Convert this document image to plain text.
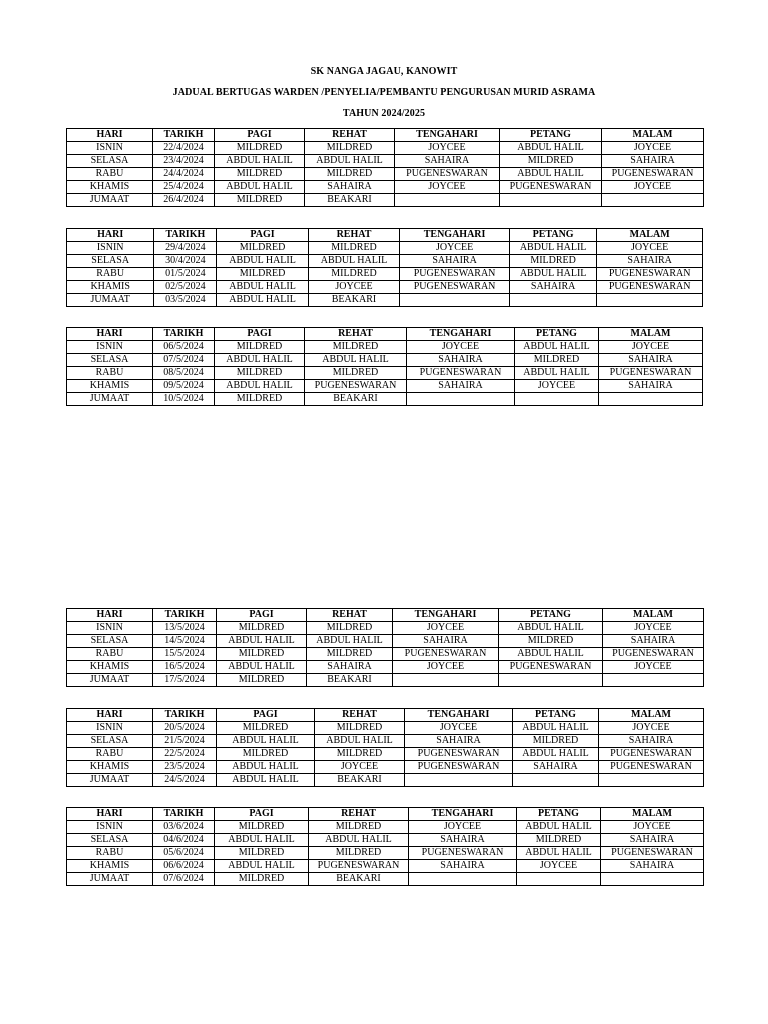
SK NANGA JAGAU, KANOWIT
JADUAL BERTUGAS WARDEN /PENYELIA/PEMBANTU PENGURUSAN MURID ASRAMA
TAHUN 2024/2025
HARI	TARIKH	PAGI	REHAT	TENGAHARI	PETANG	MALAM
ISNIN	22/4/2024	MILDRED	MILDRED	JOYCEE	ABDUL HALIL	JOYCEE
SELASA	23/4/2024	ABDUL HALIL	ABDUL HALIL	SAHAIRA	MILDRED	SAHAIRA
RABU	24/4/2024	MILDRED	MILDRED	PUGENESWARAN	ABDUL HALIL	PUGENESWARAN
KHAMIS	25/4/2024	ABDUL HALIL	SAHAIRA	JOYCEE	PUGENESWARAN	JOYCEE
JUMAAT	26/4/2024	MILDRED	BEAKARI			
HARI	TARIKH	PAGI	REHAT	TENGAHARI	PETANG	MALAM
ISNIN	29/4/2024	MILDRED	MILDRED	JOYCEE	ABDUL HALIL	JOYCEE
SELASA	30/4/2024	ABDUL HALIL	ABDUL HALIL	SAHAIRA	MILDRED	SAHAIRA
RABU	01/5/2024	MILDRED	MILDRED	PUGENESWARAN	ABDUL HALIL	PUGENESWARAN
KHAMIS	02/5/2024	ABDUL HALIL	JOYCEE	PUGENESWARAN	SAHAIRA	PUGENESWARAN
JUMAAT	03/5/2024	ABDUL HALIL	BEAKARI			
HARI	TARIKH	PAGI	REHAT	TENGAHARI	PETANG	MALAM
ISNIN	06/5/2024	MILDRED	MILDRED	JOYCEE	ABDUL HALIL	JOYCEE
SELASA	07/5/2024	ABDUL HALIL	ABDUL HALIL	SAHAIRA	MILDRED	SAHAIRA
RABU	08/5/2024	MILDRED	MILDRED	PUGENESWARAN	ABDUL HALIL	PUGENESWARAN
KHAMIS	09/5/2024	ABDUL HALIL	PUGENESWARAN	SAHAIRA	JOYCEE	SAHAIRA
JUMAAT	10/5/2024	MILDRED	BEAKARI			
HARI	TARIKH	PAGI	REHAT	TENGAHARI	PETANG	MALAM
ISNIN	13/5/2024	MILDRED	MILDRED	JOYCEE	ABDUL HALIL	JOYCEE
SELASA	14/5/2024	ABDUL HALIL	ABDUL HALIL	SAHAIRA	MILDRED	SAHAIRA
RABU	15/5/2024	MILDRED	MILDRED	PUGENESWARAN	ABDUL HALIL	PUGENESWARAN
KHAMIS	16/5/2024	ABDUL HALIL	SAHAIRA	JOYCEE	PUGENESWARAN	JOYCEE
JUMAAT	17/5/2024	MILDRED	BEAKARI			
HARI	TARIKH	PAGI	REHAT	TENGAHARI	PETANG	MALAM
ISNIN	20/5/2024	MILDRED	MILDRED	JOYCEE	ABDUL HALIL	JOYCEE
SELASA	21/5/2024	ABDUL HALIL	ABDUL HALIL	SAHAIRA	MILDRED	SAHAIRA
RABU	22/5/2024	MILDRED	MILDRED	PUGENESWARAN	ABDUL HALIL	PUGENESWARAN
KHAMIS	23/5/2024	ABDUL HALIL	JOYCEE	PUGENESWARAN	SAHAIRA	PUGENESWARAN
JUMAAT	24/5/2024	ABDUL HALIL	BEAKARI			
HARI	TARIKH	PAGI	REHAT	TENGAHARI	PETANG	MALAM
ISNIN	03/6/2024	MILDRED	MILDRED	JOYCEE	ABDUL HALIL	JOYCEE
SELASA	04/6/2024	ABDUL HALIL	ABDUL HALIL	SAHAIRA	MILDRED	SAHAIRA
RABU	05/6/2024	MILDRED	MILDRED	PUGENESWARAN	ABDUL HALIL	PUGENESWARAN
KHAMIS	06/6/2024	ABDUL HALIL	PUGENESWARAN	SAHAIRA	JOYCEE	SAHAIRA
JUMAAT	07/6/2024	MILDRED	BEAKARI			
